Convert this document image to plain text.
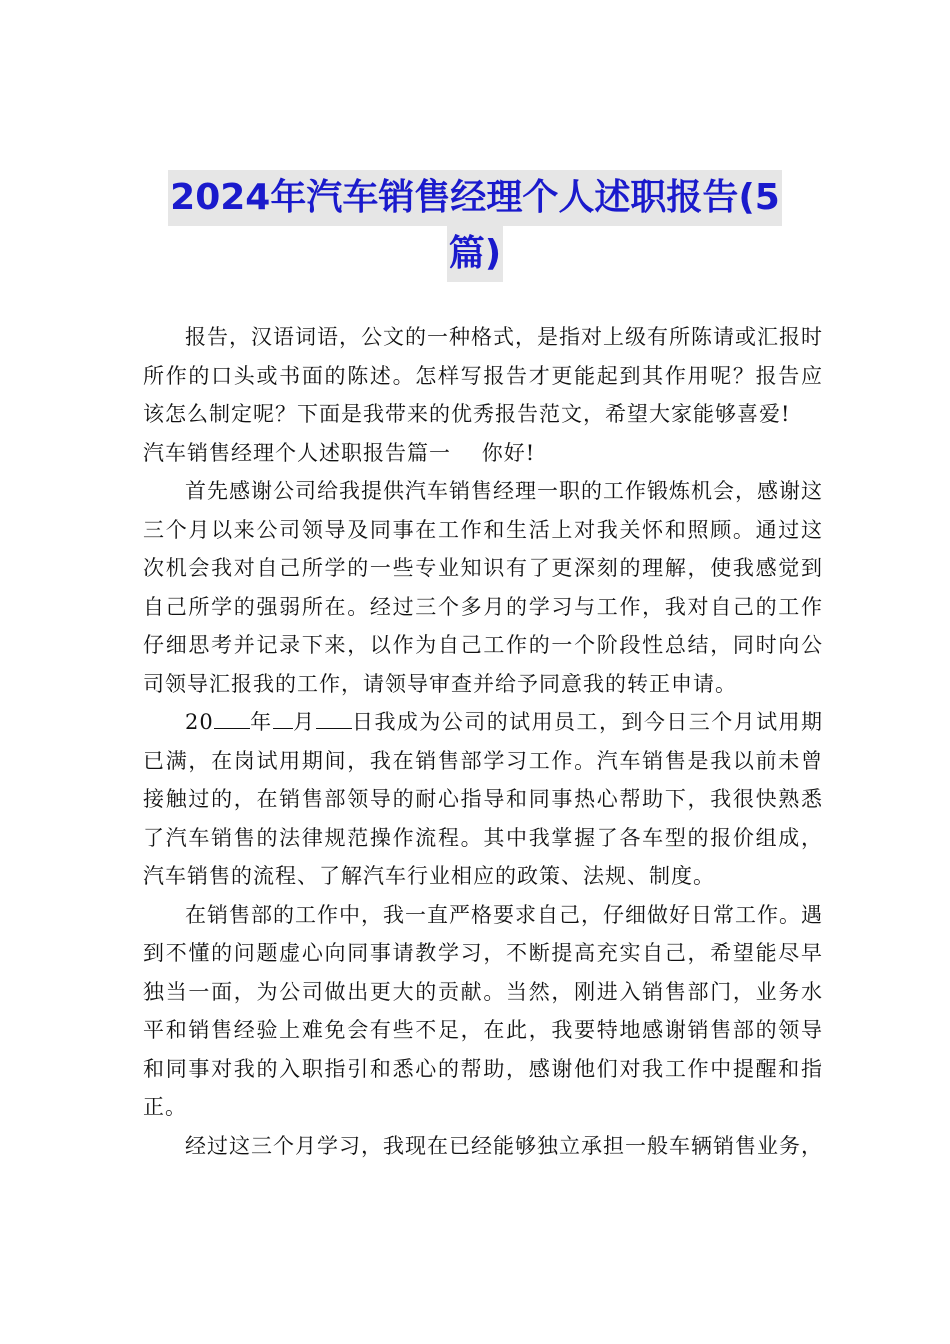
2024年汽车销售经理个人述职报告(5
篇)

报告，汉语词语，公文的一种格式，是指对上级有所陈请或汇报时所作的口头或书面的陈述。怎样写报告才更能起到其作用呢？报告应该怎么制定呢？下面是我带来的优秀报告范文，希望大家能够喜爱!

汽车销售经理个人述职报告篇一    你好!

首先感谢公司给我提供汽车销售经理一职的工作锻炼机会，感谢这三个月以来公司领导及同事在工作和生活上对我关怀和照顾。通过这次机会我对自己所学的一些专业知识有了更深刻的理解，使我感觉到自己所学的强弱所在。经过三个多月的学习与工作，我对自己的工作仔细思考并记录下来，以作为自己工作的一个阶段性总结，同时向公司领导汇报我的工作，请领导审查并给予同意我的转正申请。

20 年 月 日我成为公司的试用员工，到今日三个月试用期已满，在岗试用期间，我在销售部学习工作。汽车销售是我以前未曾接触过的，在销售部领导的耐心指导和同事热心帮助下，我很快熟悉了汽车销售的法律规范操作流程。其中我掌握了各车型的报价组成，汽车销售的流程、了解汽车行业相应的政策、法规、制度。

在销售部的工作中，我一直严格要求自己，仔细做好日常工作。遇到不懂的问题虚心向同事请教学习，不断提高充实自己，希望能尽早独当一面，为公司做出更大的贡献。当然，刚进入销售部门，业务水平和销售经验上难免会有些不足，在此，我要特地感谢销售部的领导和同事对我的入职指引和悉心的帮助，感谢他们对我工作中提醒和指正。

经过这三个月学习，我现在已经能够独立承担一般车辆销售业务，
